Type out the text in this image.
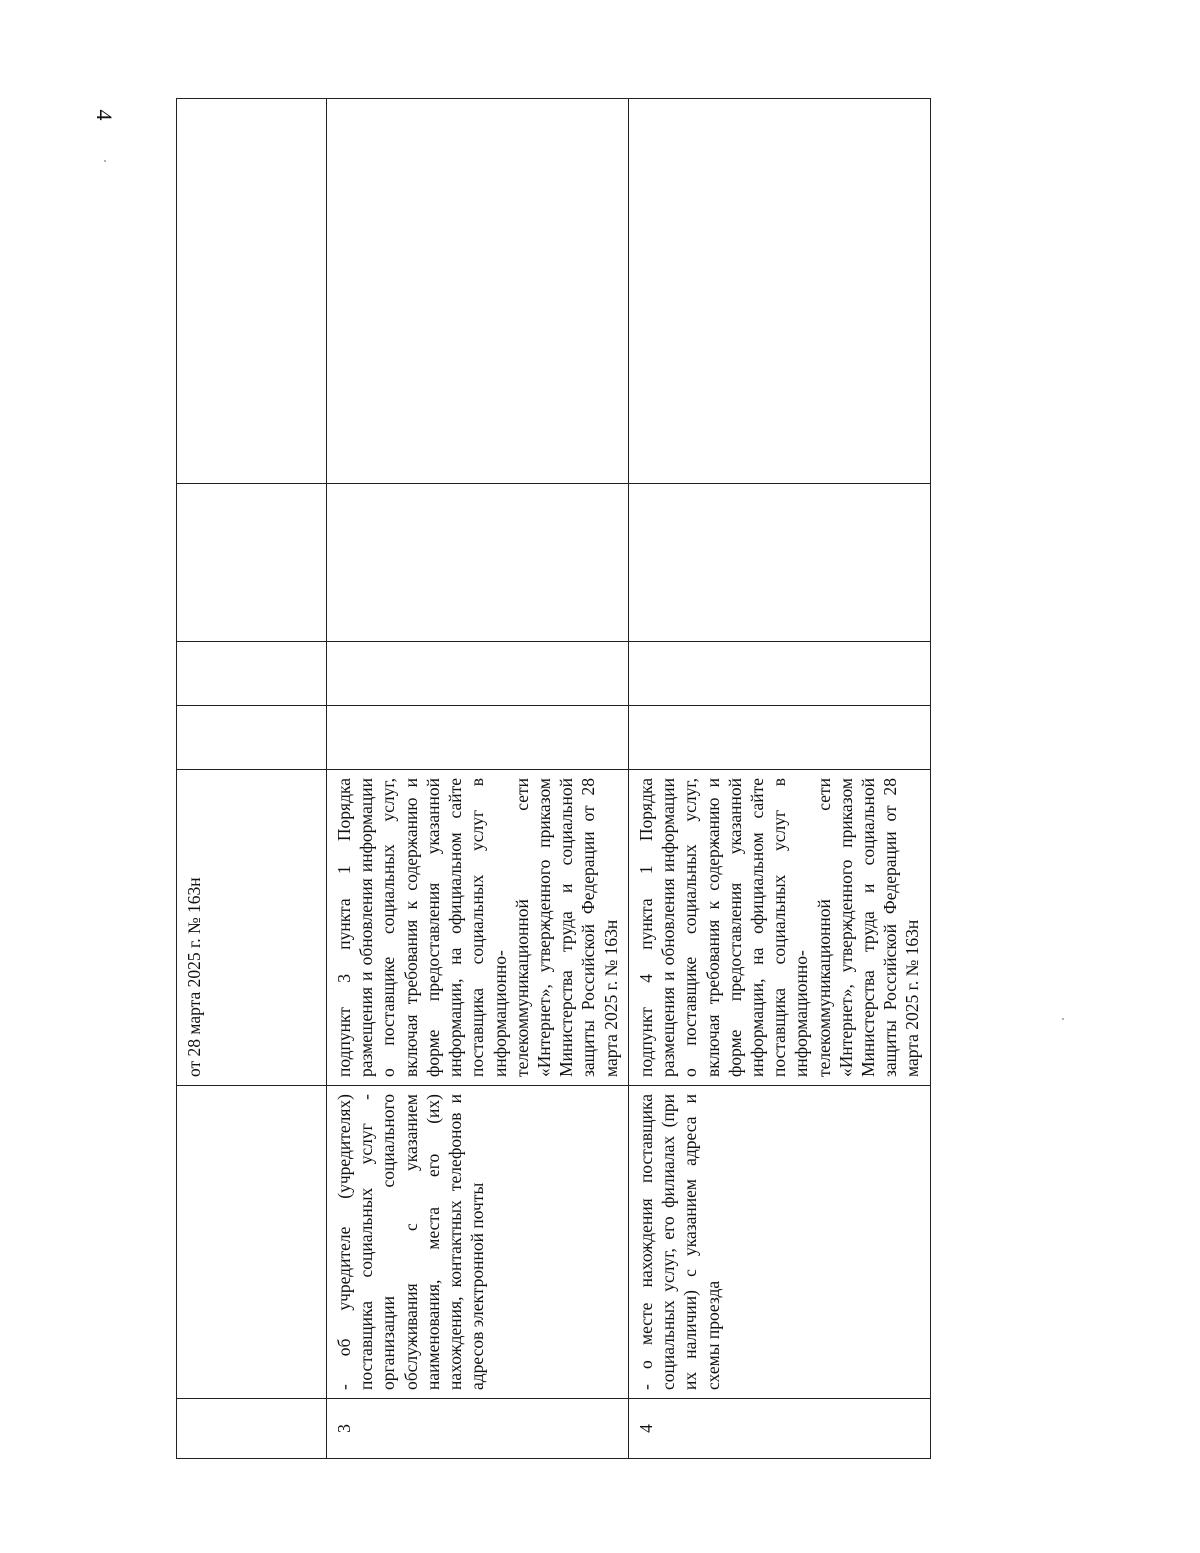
4
		от 28 марта 2025 г. № 163н				
3	- об учредителе (учредителях) поставщика социальных услуг - организации социального обслуживания с указанием наименования, места его (их) нахождения, контактных телефонов и адресов электронной почты	подпункт 3 пункта 1 Порядка размещения и обновления информации о поставщике социальных услуг, включая требования к содержанию и форме предоставления указанной информации, на официальном сайте поставщика социальных услуг в информационно-телекоммуникационной сети «Интернет», утвержденного приказом Министерства труда и социальной защиты Российской Федерации от 28 марта 2025 г. № 163н				
4	- о месте нахождения поставщика социальных услуг, его филиалах (при их наличии) с указанием адреса и схемы проезда	подпункт 4 пункта 1 Порядка размещения и обновления информации о поставщике социальных услуг, включая требования к содержанию и форме предоставления указанной информации, на официальном сайте поставщика социальных услуг в информационно-телекоммуникационной сети «Интернет», утвержденного приказом Министерства труда и социальной защиты Российской Федерации от 28 марта 2025 г. № 163н				
